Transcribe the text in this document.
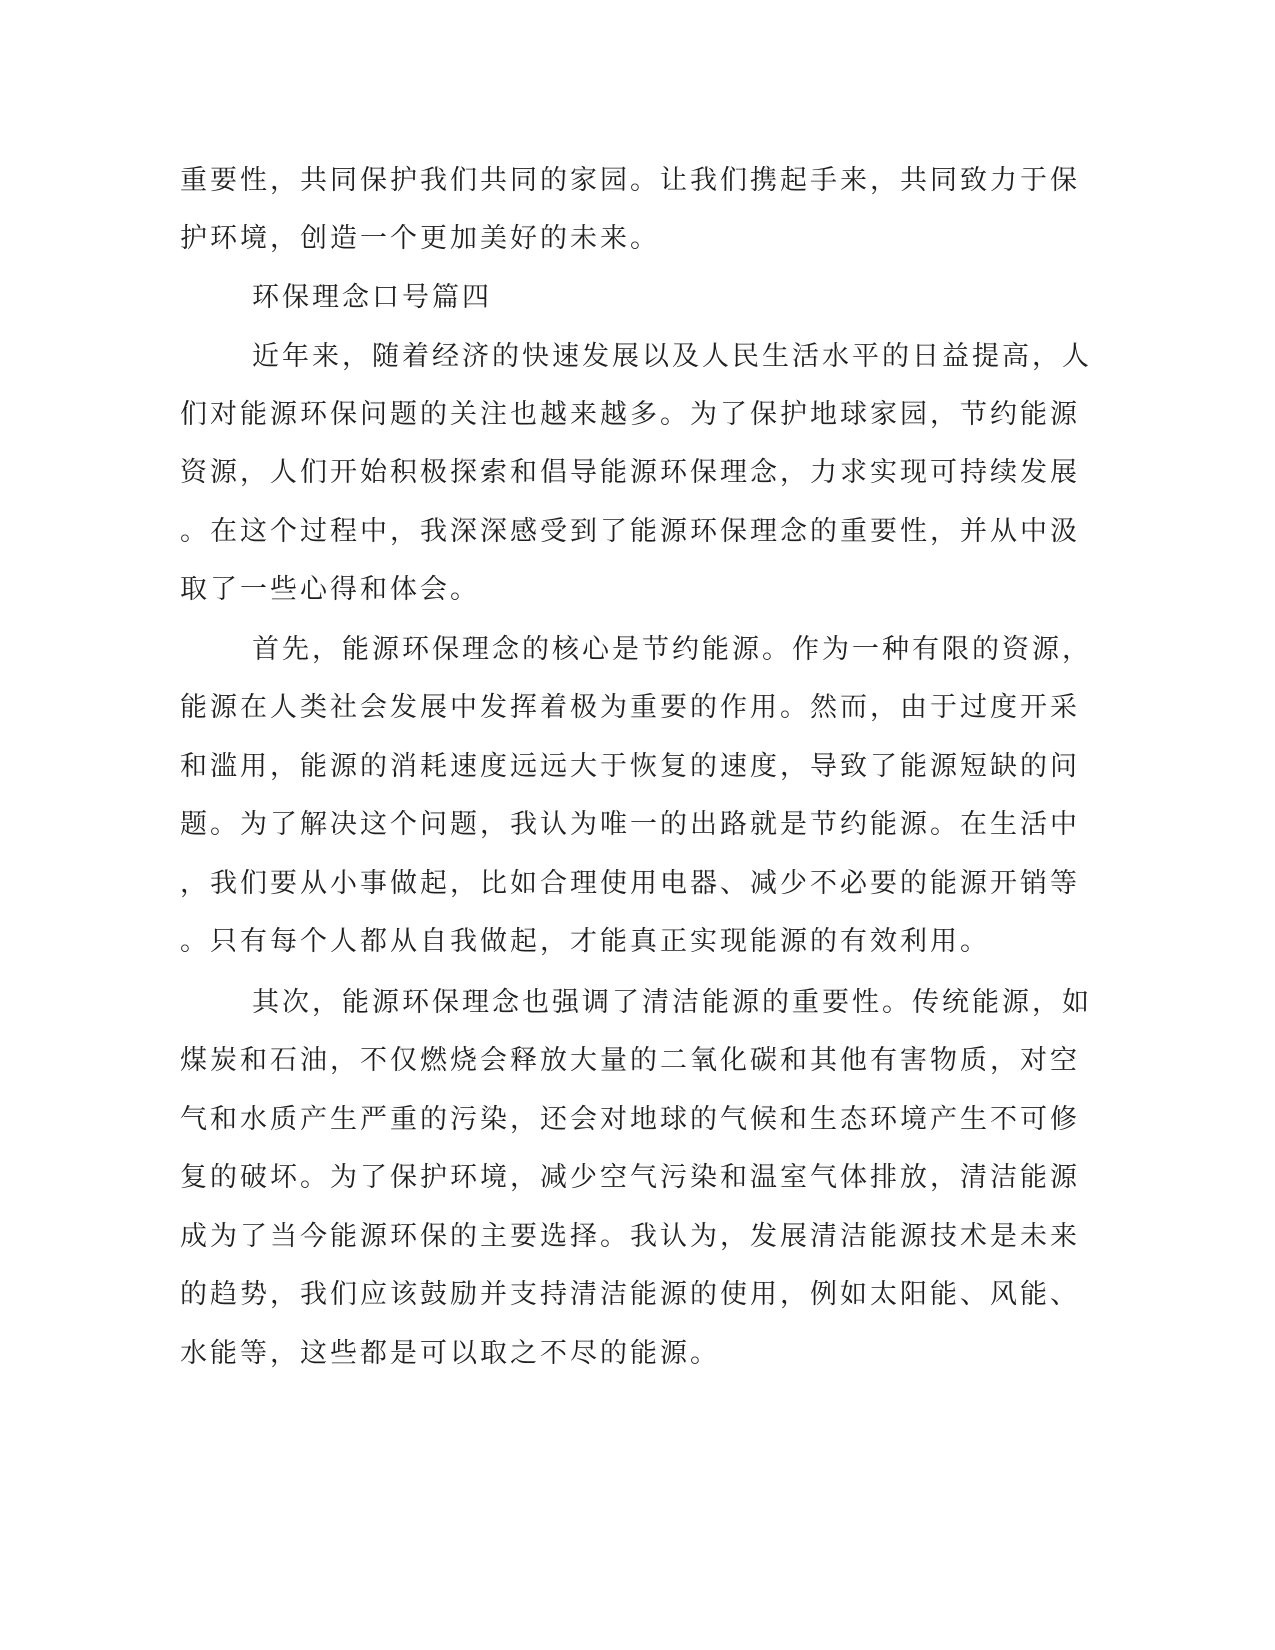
重要性，共同保护我们共同的家园。让我们携起手来，共同致力于保
护环境，创造一个更加美好的未来。
环保理念口号篇四
近年来，随着经济的快速发展以及人民生活水平的日益提高，人
们对能源环保问题的关注也越来越多。为了保护地球家园，节约能源
资源，人们开始积极探索和倡导能源环保理念，力求实现可持续发展
。在这个过程中，我深深感受到了能源环保理念的重要性，并从中汲
取了一些心得和体会。
首先，能源环保理念的核心是节约能源。作为一种有限的资源，
能源在人类社会发展中发挥着极为重要的作用。然而，由于过度开采
和滥用，能源的消耗速度远远大于恢复的速度，导致了能源短缺的问
题。为了解决这个问题，我认为唯一的出路就是节约能源。在生活中
，我们要从小事做起，比如合理使用电器、减少不必要的能源开销等
。只有每个人都从自我做起，才能真正实现能源的有效利用。
其次，能源环保理念也强调了清洁能源的重要性。传统能源，如
煤炭和石油，不仅燃烧会释放大量的二氧化碳和其他有害物质，对空
气和水质产生严重的污染，还会对地球的气候和生态环境产生不可修
复的破坏。为了保护环境，减少空气污染和温室气体排放，清洁能源
成为了当今能源环保的主要选择。我认为，发展清洁能源技术是未来
的趋势，我们应该鼓励并支持清洁能源的使用，例如太阳能、风能、
水能等，这些都是可以取之不尽的能源。
